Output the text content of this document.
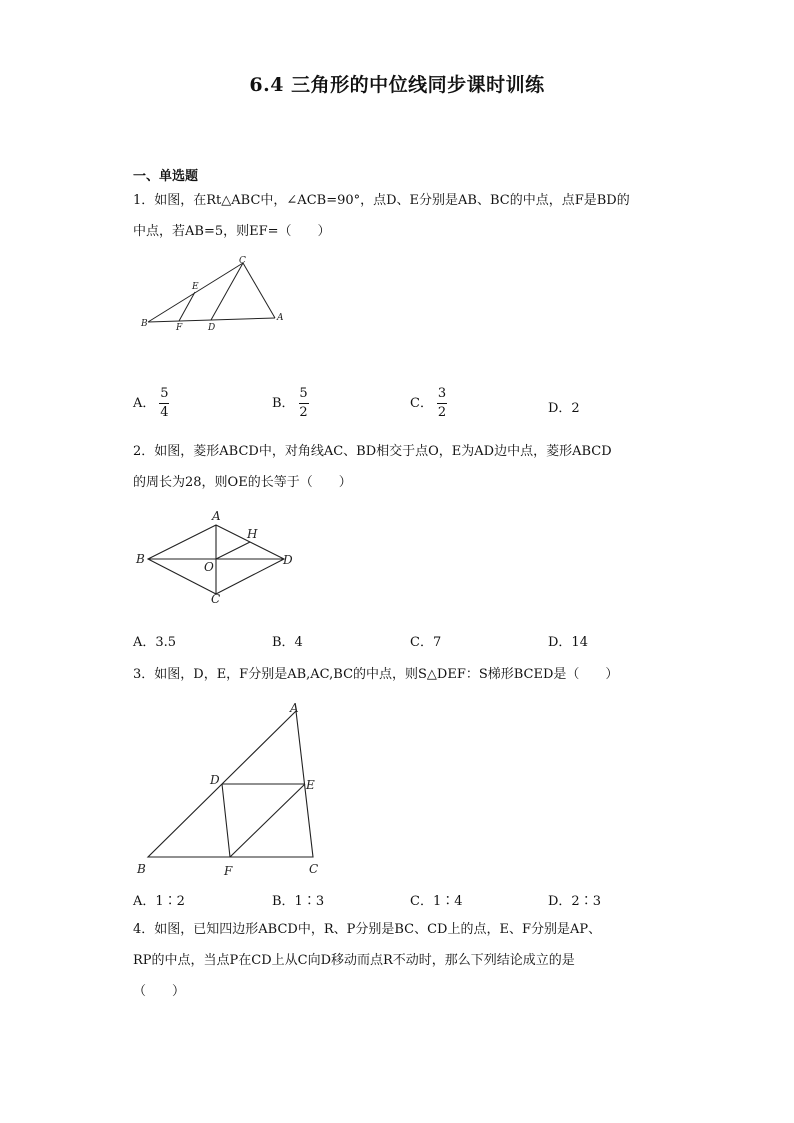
6.4 三角形的中位线同步课时训练
一、单选题
1．如图，在Rt△ABC中，∠ACB=90°，点D、E分别是AB、BC的中点，点F是BD的
中点，若AB=5，则EF=（　　）
C
E
B	F	D
A
A． $\frac{5}{4}$	B． $\frac{5}{2}$	C． $\frac{3}{2}$	D．2
2．如图，菱形ABCD中，对角线AC、BD相交于点O，E为AD边中点，菱形ABCD
的周长为28，则OE的长等于（　　）
A
H
B
O	D
C
A．3.5	B．4	C．7	D．14
3．如图，D，E，F分别是AB,AC,BC的中点，则S△DEF：S梯形BCED是（　　）
A
D	E
B	F	C
A．1∶2	B．1∶3	C．1∶4	D．2∶3
4．如图，已知四边形ABCD中，R、P分别是BC、CD上的点，E、F分别是AP、
RP的中点，当点P在CD上从C向D移动而点R不动时，那么下列结论成立的是
（　　）
